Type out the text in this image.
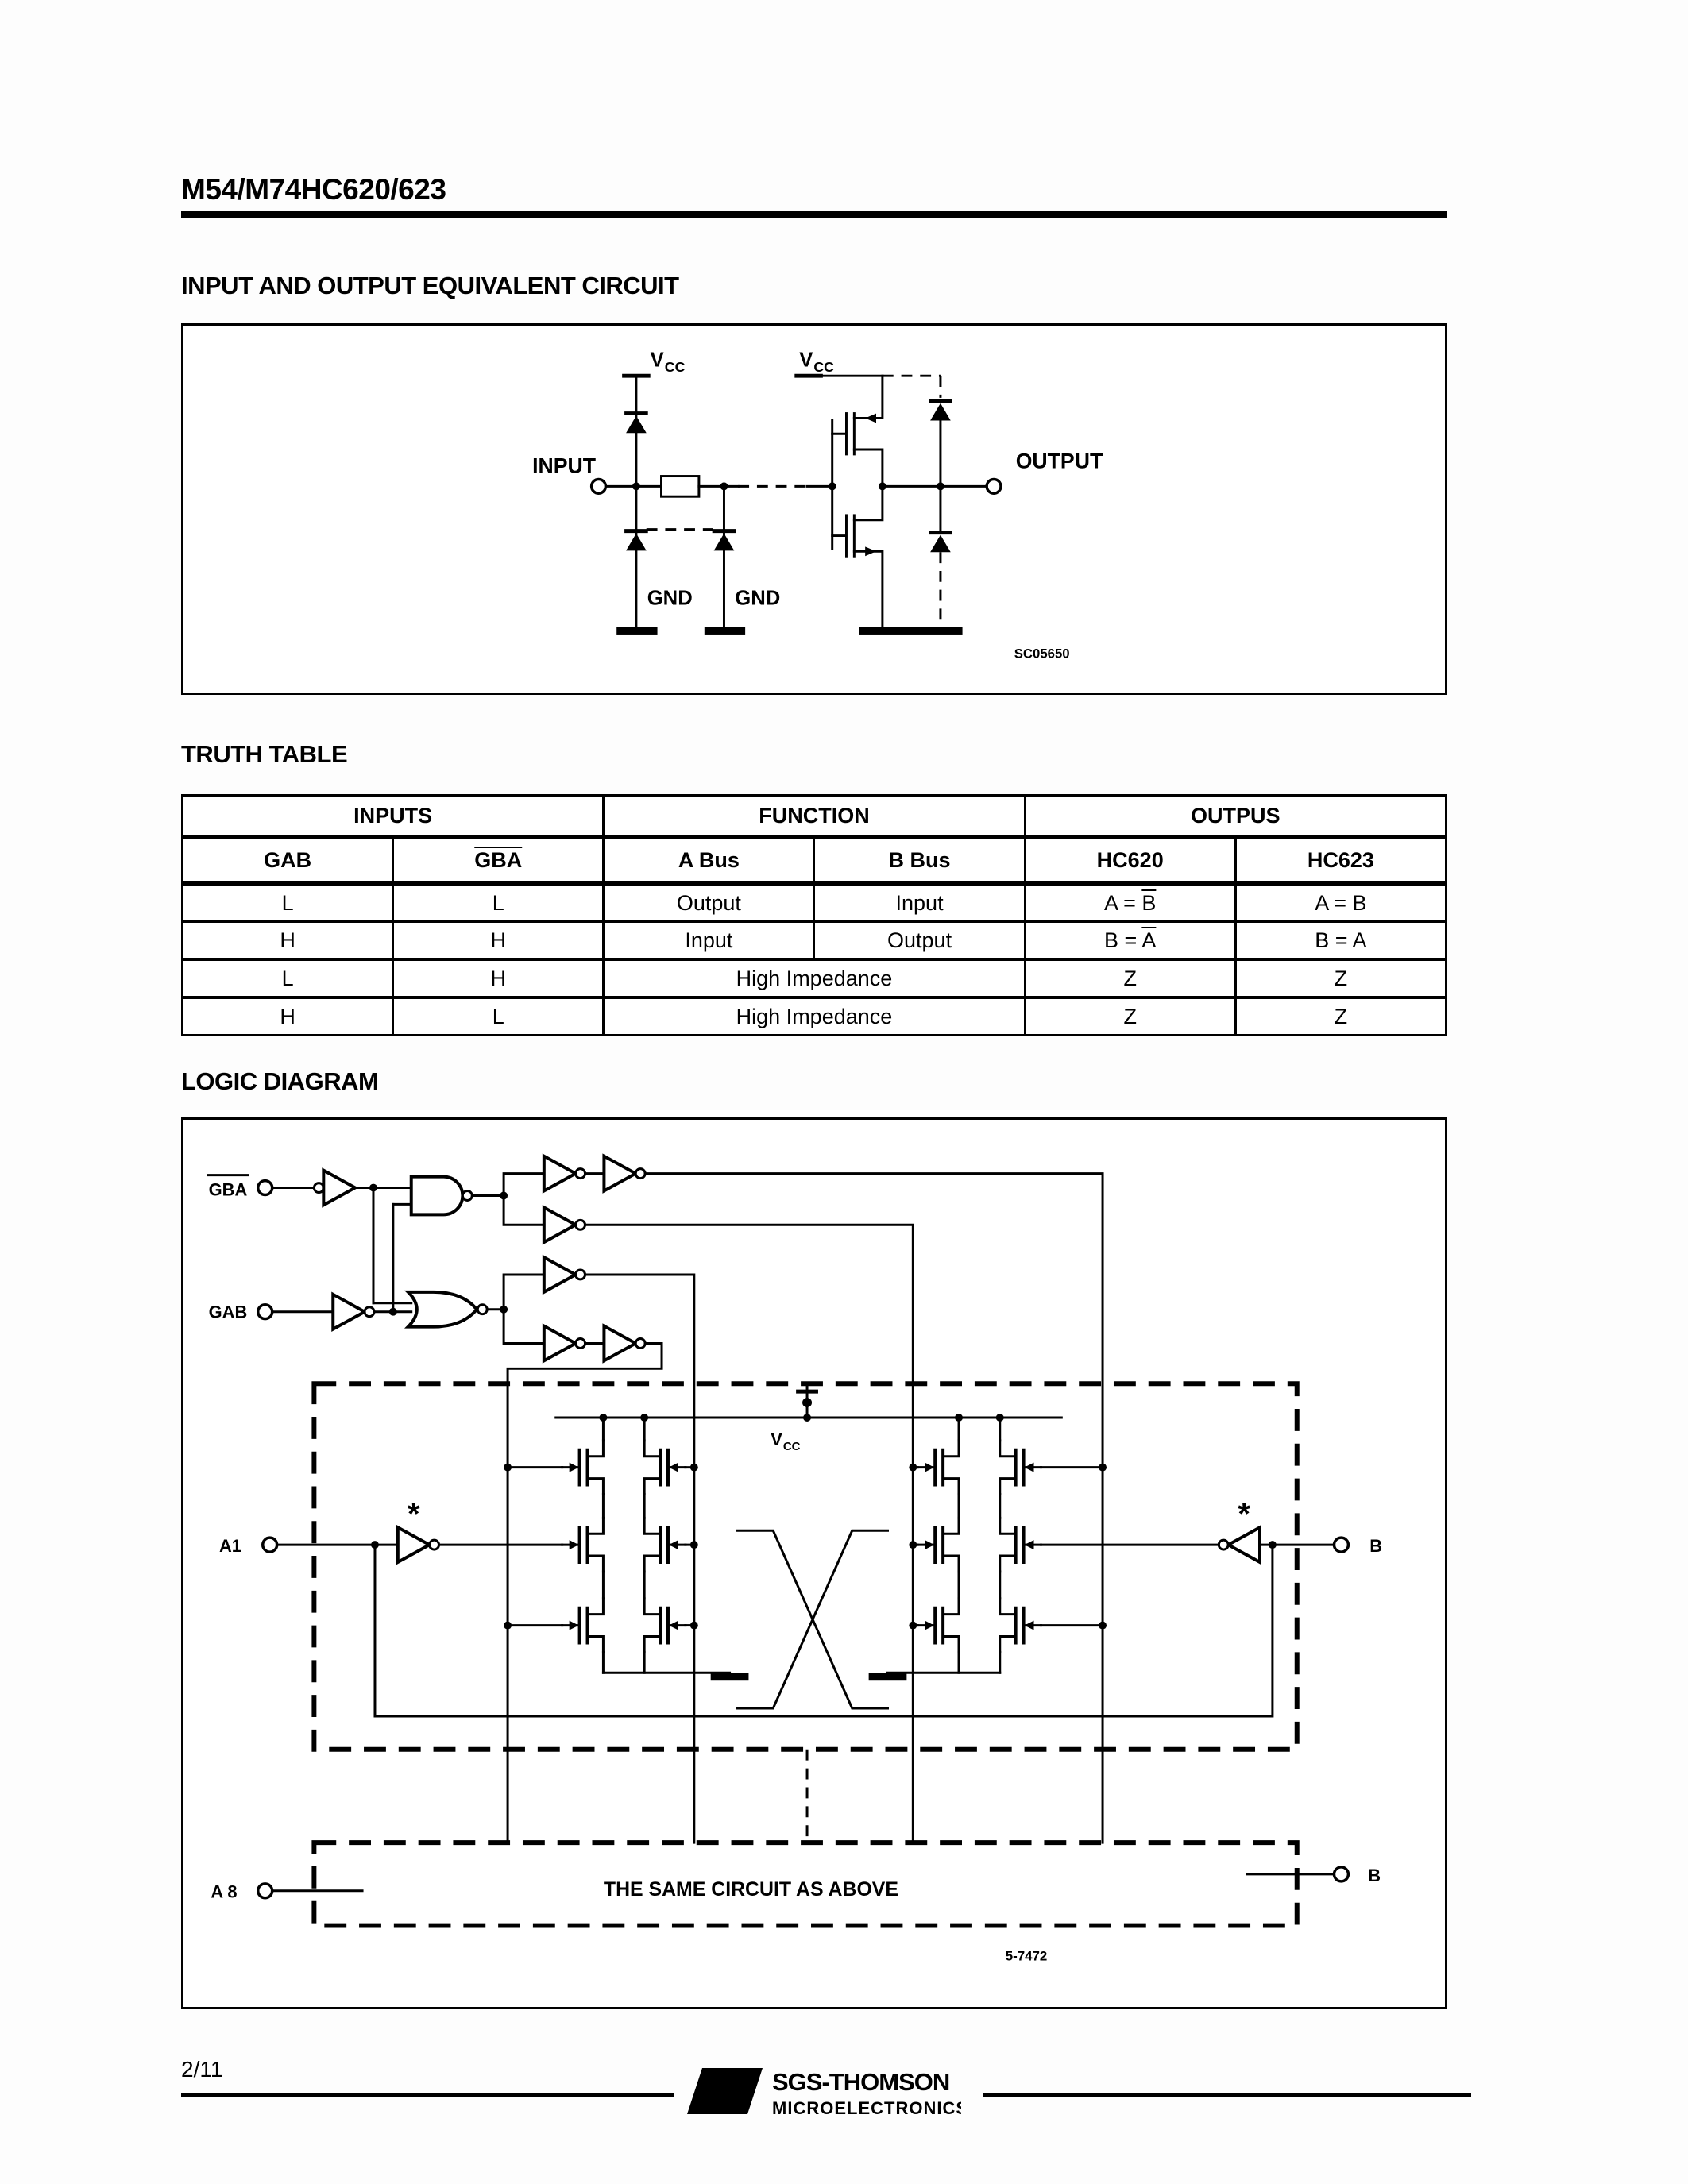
M54/M74HC620/623
INPUT AND OUTPUT EQUIVALENT CIRCUIT
INPUT
$V_{CC}$	$V_{CC}$
OUTPUT
GND GND
SC05650
TRUTH TABLE
INPUTS		FUNCTION		OUTPUS	
GAB	$\overline{GBA}$	A Bus	B Bus	HC620	HC623
L	L	Output	Input	$A = \overline{B}$	A = B
H	H	Input	Output	$B = \overline{A}$	B = A
L	H	High Impedance		Z	Z
H	L	High Impedance		Z	Z
LOGIC DIAGRAM
GBA
GAB
$V_{CC}$
A1
*
B
*
THE SAME CIRCUIT AS ABOVE
A 8
B
5-7472
2/11
S7 SGS-THOMSON
MICROELECTRONICS
